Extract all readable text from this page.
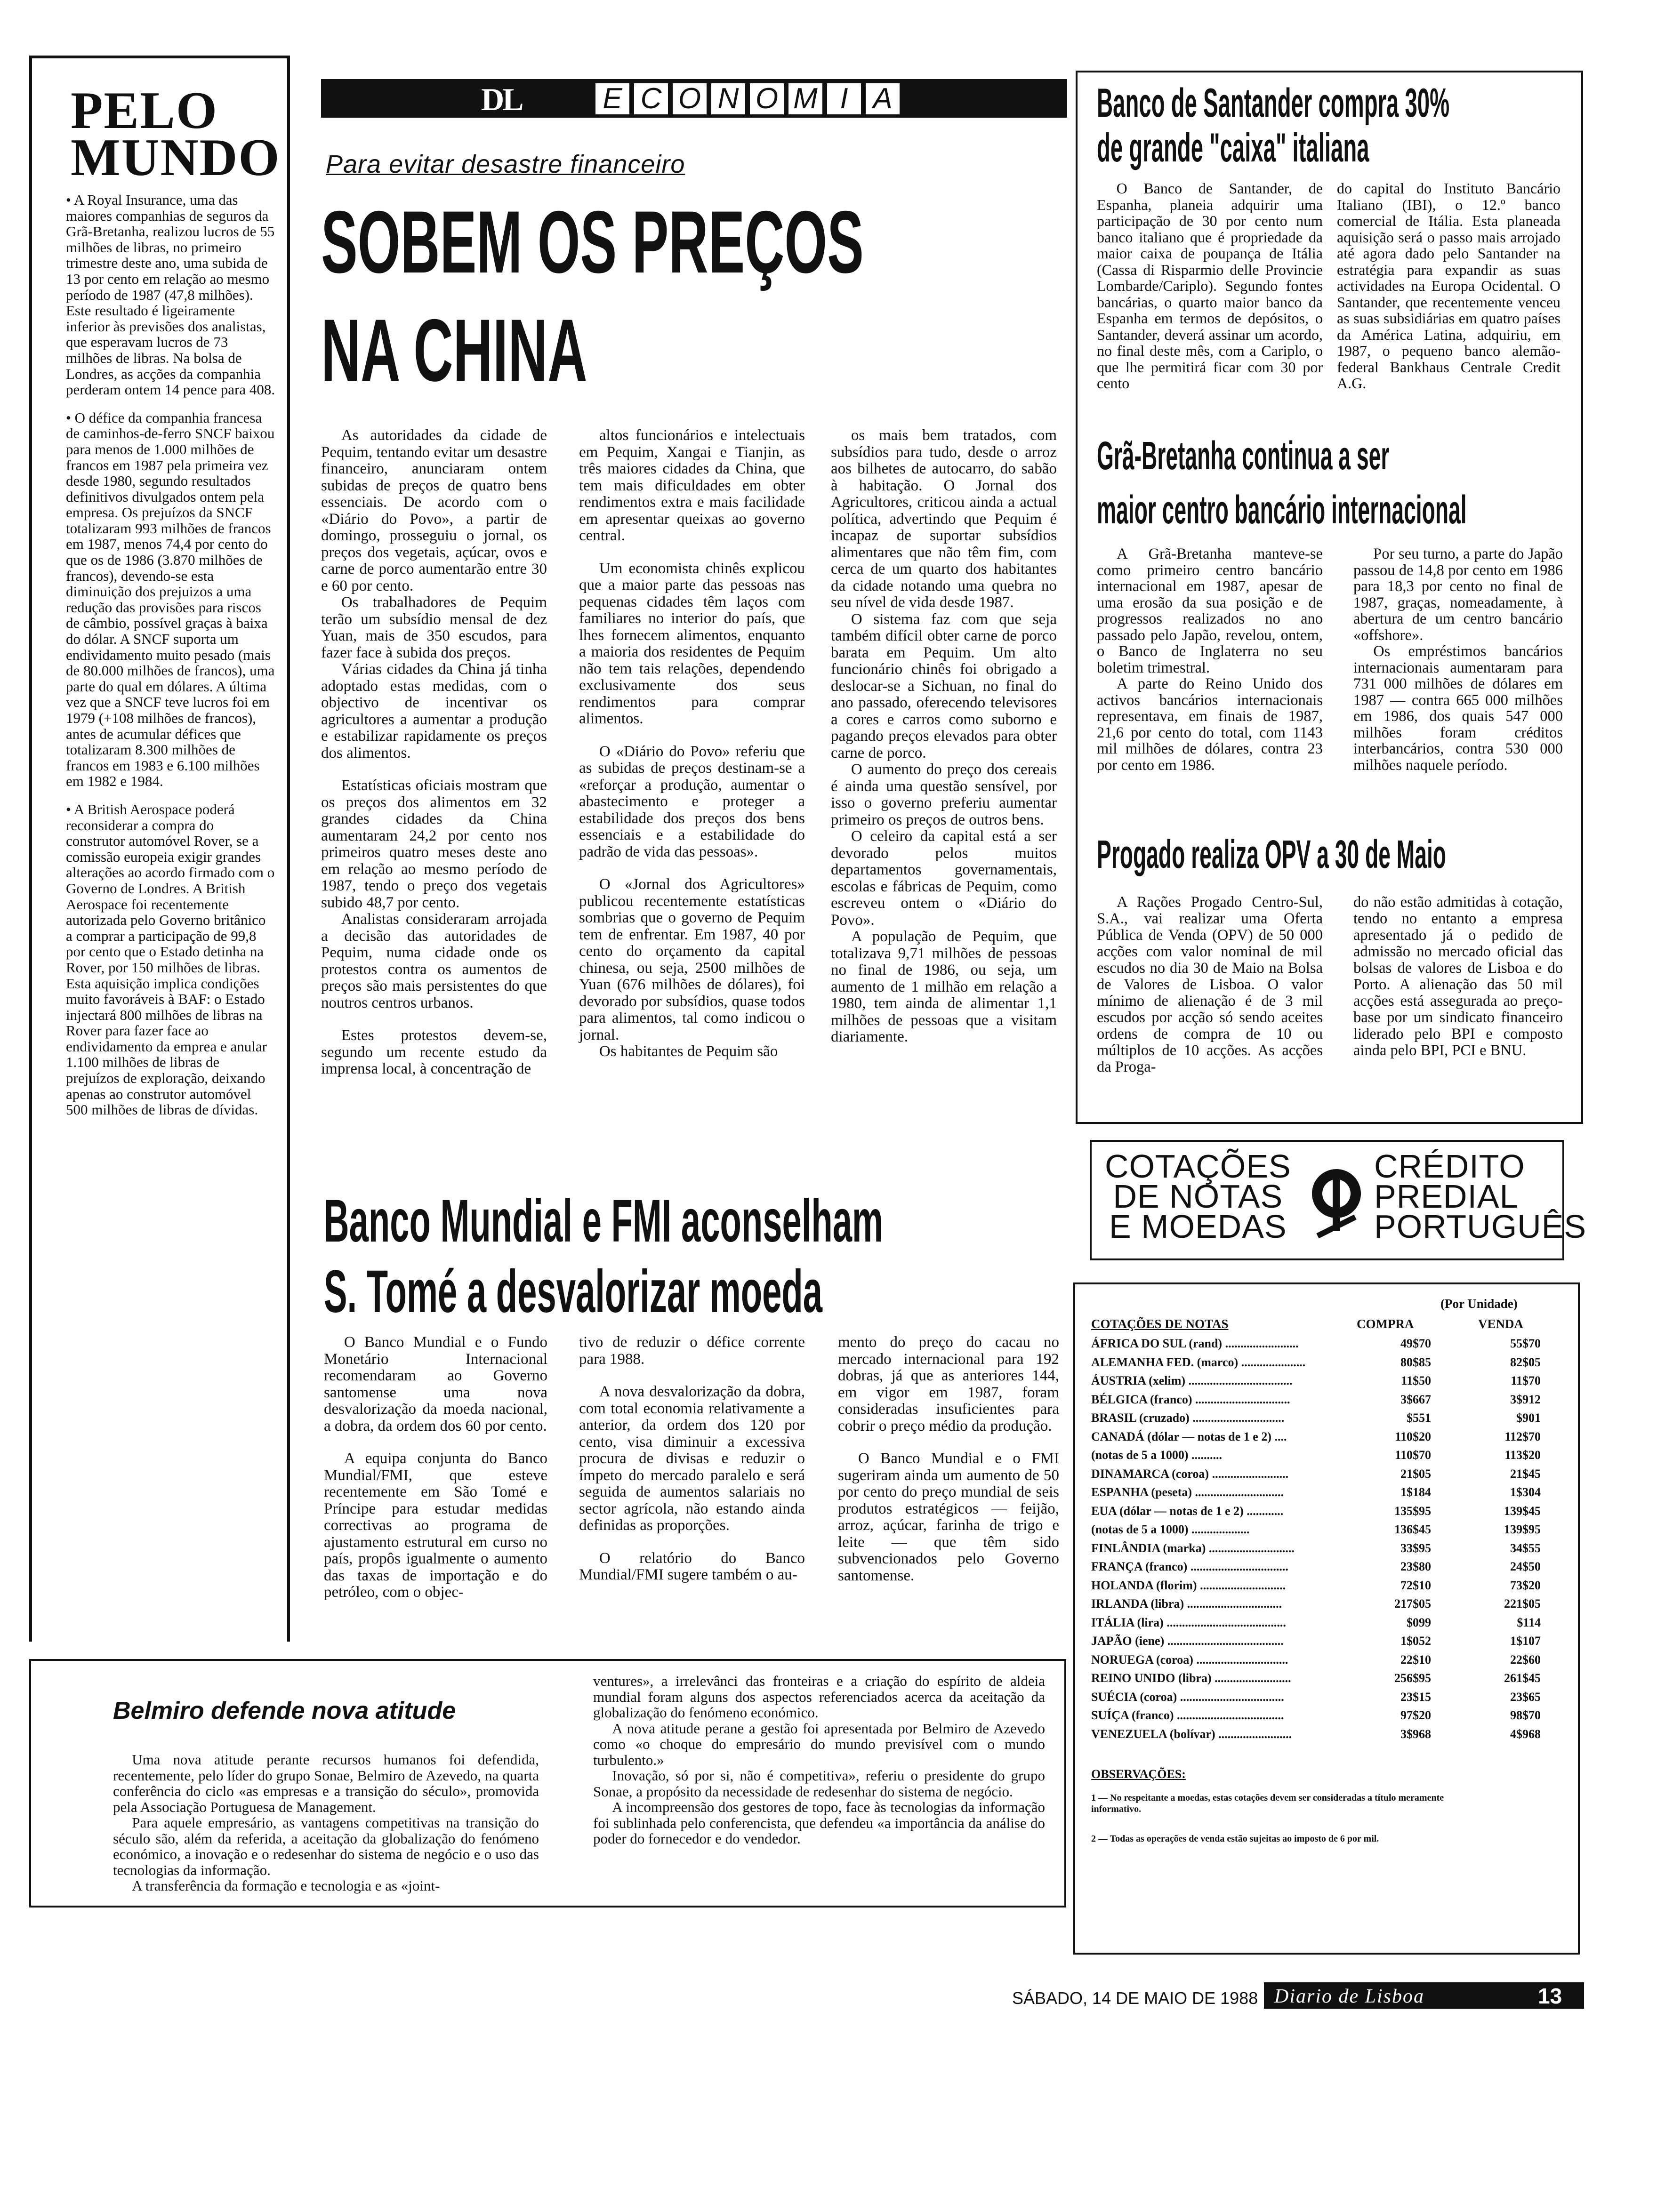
PELO
MUNDO

• A Royal Insurance, uma das maiores companhias de seguros da Grã-Bretanha, realizou lucros de 55 milhões de libras, no primeiro trimestre deste ano, uma subida de 13 por cento em relação ao mesmo período de 1987 (47,8 milhões). Este resultado é ligeiramente inferior às previsões dos analistas, que esperavam lucros de 73 milhões de libras. Na bolsa de Londres, as acções da companhia perderam ontem 14 pence para 408.

• O défice da companhia francesa de caminhos-de-ferro SNCF baixou para menos de 1.000 milhões de francos em 1987 pela primeira vez desde 1980, segundo resultados definitivos divulgados ontem pela empresa. Os prejuízos da SNCF totalizaram 993 milhões de francos em 1987, menos 74,4 por cento do que os de 1986 (3.870 milhões de francos), devendo-se esta diminuição dos prejuizos a uma redução das provisões para riscos de câmbio, possível graças à baixa do dólar. A SNCF suporta um endividamento muito pesado (mais de 80.000 milhões de francos), uma parte do qual em dólares. A última vez que a SNCF teve lucros foi em 1979 (+108 milhões de francos), antes de acumular défices que totalizaram 8.300 milhões de francos em 1983 e 6.100 milhões em 1982 e 1984.

• A British Aerospace poderá reconsiderar a compra do construtor automóvel Rover, se a comissão europeia exigir grandes alterações ao acordo firmado com o Governo de Londres. A British Aerospace foi recentemente autorizada pelo Governo britânico a comprar a participação de 99,8 por cento que o Estado detinha na Rover, por 150 milhões de libras. Esta aquisição implica condições muito favoráveis à BAF: o Estado injectará 800 milhões de libras na Rover para fazer face ao endividamento da emprea e anular 1.100 milhões de libras de prejuízos de exploração, deixando apenas ao construtor automóvel 500 milhões de libras de dívidas.

DL	E C O N O M I A
Para evitar desastre financeiro
SOBEM OS PREÇOS
NA CHINA

As autoridades da cidade de Pequim, tentando evitar um desastre financeiro, anunciaram ontem subidas de preços de quatro bens essenciais. De acordo com o «Diário do Povo», a partir de domingo, prosseguiu o jornal, os preços dos vegetais, açúcar, ovos e carne de porco aumentarão entre 30 e 60 por cento.

Os trabalhadores de Pequim terão um subsídio mensal de dez Yuan, mais de 350 escudos, para fazer face à subida dos preços.

Várias cidades da China já tinha adoptado estas medidas, com o objectivo de incentivar os agricultores a aumentar a produção e estabilizar rapidamente os preços dos alimentos.

Estatísticas oficiais mostram que os preços dos alimentos em 32 grandes cidades da China aumentaram 24,2 por cento nos primeiros quatro meses deste ano em relação ao mesmo período de 1987, tendo o preço dos vegetais subido 48,7 por cento.

Analistas consideraram arrojada a decisão das autoridades de Pequim, numa cidade onde os protestos contra os aumentos de preços são mais persistentes do que noutros centros urbanos.

Estes protestos devem-se, segundo um recente estudo da imprensa local, à concentração de

altos funcionários e intelectuais em Pequim, Xangai e Tianjin, as três maiores cidades da China, que tem mais dificuldades em obter rendimentos extra e mais facilidade em apresentar queixas ao governo central.

Um economista chinês explicou que a maior parte das pessoas nas pequenas cidades têm laços com familiares no interior do país, que lhes fornecem alimentos, enquanto a maioria dos residentes de Pequim não tem tais relações, dependendo exclusivamente dos seus rendimentos para comprar alimentos.

O «Diário do Povo» referiu que as subidas de preços destinam-se a «reforçar a produção, aumentar o abastecimento e proteger a estabilidade dos preços dos bens essenciais e a estabilidade do padrão de vida das pessoas».

O «Jornal dos Agricultores» publicou recentemente estatísticas sombrias que o governo de Pequim tem de enfrentar. Em 1987, 40 por cento do orçamento da capital chinesa, ou seja, 2500 milhões de Yuan (676 milhões de dólares), foi devorado por subsídios, quase todos para alimentos, tal como indicou o jornal.

Os habitantes de Pequim são

os mais bem tratados, com subsídios para tudo, desde o arroz aos bilhetes de autocarro, do sabão à habitação. O Jornal dos Agricultores, criticou ainda a actual política, advertindo que Pequim é incapaz de suportar subsídios alimentares que não têm fim, com cerca de um quarto dos habitantes da cidade notando uma quebra no seu nível de vida desde 1987.

O sistema faz com que seja também difícil obter carne de porco barata em Pequim. Um alto funcionário chinês foi obrigado a deslocar-se a Sichuan, no final do ano passado, oferecendo televisores a cores e carros como suborno e pagando preços elevados para obter carne de porco.

O aumento do preço dos cereais é ainda uma questão sensível, por isso o governo preferiu aumentar primeiro os preços de outros bens.

O celeiro da capital está a ser devorado pelos muitos departamentos governamentais, escolas e fábricas de Pequim, como escreveu ontem o «Diário do Povo».

A população de Pequim, que totalizava 9,71 milhões de pessoas no final de 1986, ou seja, um aumento de 1 milhão em relação a 1980, tem ainda de alimentar 1,1 milhões de pessoas que a visitam diariamente.

Banco de Santander compra 30%
de grande "caixa" italiana

O Banco de Santander, de Espanha, planeia adquirir uma participação de 30 por cento num banco italiano que é propriedade da maior caixa de poupança de Itália (Cassa di Risparmio delle Provincie Lombarde/Cariplo). Segundo fontes bancárias, o quarto maior banco da Espanha em termos de depósitos, o Santander, deverá assinar um acordo, no final deste mês, com a Cariplo, o que lhe permitirá ficar com 30 por cento

do capital do Instituto Bancário Italiano (IBI), o 12.º banco comercial de Itália. Esta planeada aquisição será o passo mais arrojado até agora dado pelo Santander na estratégia para expandir as suas actividades na Europa Ocidental. O Santander, que recentemente venceu as suas subsidiárias em quatro países da América Latina, adquiriu, em 1987, o pequeno banco alemão-federal Bankhaus Centrale Credit A.G.

Grã-Bretanha continua a ser
maior centro bancário internacional

A Grã-Bretanha manteve-se como primeiro centro bancário internacional em 1987, apesar de uma erosão da sua posição e de progressos realizados no ano passado pelo Japão, revelou, ontem, o Banco de Inglaterra no seu boletim trimestral.

A parte do Reino Unido dos activos bancários internacionais representava, em finais de 1987, 21,6 por cento do total, com 1143 mil milhões de dólares, contra 23 por cento em 1986.

Por seu turno, a parte do Japão passou de 14,8 por cento em 1986 para 18,3 por cento no final de 1987, graças, nomeadamente, à abertura de um centro bancário «offshore».

Os empréstimos bancários internacionais aumentaram para 731 000 milhões de dólares em 1987 — contra 665 000 milhões em 1986, dos quais 547 000 milhões foram créditos interbancários, contra 530 000 milhões naquele período.

Progado realiza OPV a 30 de Maio

A Rações Progado Centro-Sul, S.A., vai realizar uma Oferta Pública de Venda (OPV) de 50 000 acções com valor nominal de mil escudos no dia 30 de Maio na Bolsa de Valores de Lisboa. O valor mínimo de alienação é de 3 mil escudos por acção só sendo aceites ordens de compra de 10 ou múltiplos de 10 acções. As acções da Proga-

do não estão admitidas à cotação, tendo no entanto a empresa apresentado já o pedido de admissão no mercado oficial das bolsas de valores de Lisboa e do Porto. A alienação das 50 mil acções está assegurada ao preço-base por um sindicato financeiro liderado pelo BPI e composto ainda pelo BPI, PCI e BNU.

Banco Mundial e FMI aconselham
S. Tomé a desvalorizar moeda

O Banco Mundial e o Fundo Monetário Internacional recomendaram ao Governo santomense uma nova desvalorização da moeda nacional, a dobra, da ordem dos 60 por cento.

A equipa conjunta do Banco Mundial/FMI, que esteve recentemente em São Tomé e Príncipe para estudar medidas correctivas ao programa de ajustamento estrutural em curso no país, propôs igualmente o aumento das taxas de importação e do petróleo, com o objec-

tivo de reduzir o défice corrente para 1988.

A nova desvalorização da dobra, com total economia relativamente a anterior, da ordem dos 120 por cento, visa diminuir a excessiva procura de divisas e reduzir o ímpeto do mercado paralelo e será seguida de aumentos salariais no sector agrícola, não estando ainda definidas as proporções.

O relatório do Banco Mundial/FMI sugere também o au-

mento do preço do cacau no mercado internacional para 192 dobras, já que as anteriores 144, em vigor em 1987, foram consideradas insuficientes para cobrir o preço médio da produção.

O Banco Mundial e o FMI sugeriram ainda um aumento de 50 por cento do preço mundial de seis produtos estratégicos — feijão, arroz, açúcar, farinha de trigo e leite — que têm sido subvencionados pelo Governo santomense.

Belmiro defende nova atitude

Uma nova atitude perante recursos humanos foi defendida, recentemente, pelo líder do grupo Sonae, Belmiro de Azevedo, na quarta conferência do ciclo «as empresas e a transição do século», promovida pela Associação Portuguesa de Management.

Para aquele empresário, as vantagens competitivas na transição do século são, além da referida, a aceitação da globalização do fenómeno económico, a inovação e o redesenhar do sistema de negócio e o uso das tecnologias da informação.

A transferência da formação e tecnologia e as «joint-

ventures», a irrelevânci das fronteiras e a criação do espírito de aldeia mundial foram alguns dos aspectos referenciados acerca da aceitação da globalização do fenómeno económico.

A nova atitude perane a gestão foi apresentada por Belmiro de Azevedo como «o choque do empresário do mundo previsível com o mundo turbulento.»

Inovação, só por si, não é competitiva», referiu o presidente do grupo Sonae, a propósito da necessidade de redesenhar do sistema de negócio.

A incompreensão dos gestores de topo, face às tecnologias da informação foi sublinhada pelo conferencista, que defendeu «a importância da análise do poder do fornecedor e do vendedor.

COTAÇÕES
DE NOTAS
E MOEDAS
CRÉDITO
PREDIAL
PORTUGUÊS
(Por Unidade)
COTAÇÕES DE NOTAS	COMPRA	VENDA
ÁFRICA DO SUL (rand) ........................	49$70	55$70
ALEMANHA FED. (marco) .....................	80$85	82$05
ÁUSTRIA (xelim) ..................................	11$50	11$70
BÉLGICA (franco) ...............................	3$667	3$912
BRASIL (cruzado) ..............................	$551	$901
CANADÁ (dólar — notas de 1 e 2) ....	110$20	112$70
(notas de 5 a 1000) ..........	110$70	113$20
DINAMARCA (coroa) .........................	21$05	21$45
ESPANHA (peseta) .............................	1$184	1$304
EUA (dólar — notas de 1 e 2) ............	135$95	139$45
(notas de 5 a 1000) ...................	136$45	139$95
FINLÂNDIA (marka) ............................	33$95	34$55
FRANÇA (franco) ................................	23$80	24$50
HOLANDA (florim) ............................	72$10	73$20
IRLANDA (libra) ...............................	217$05	221$05
ITÁLIA (lira) .......................................	$099	$114
JAPÃO (iene) ......................................	1$052	1$107
NORUEGA (coroa) ..............................	22$10	22$60
REINO UNIDO (libra) .........................	256$95	261$45
SUÉCIA (coroa) ..................................	23$15	23$65
SUÍÇA (franco) ...................................	97$20	98$70
VENEZUELA (bolívar) ........................	3$968	4$968
OBSERVAÇÕES:
1 — No respeitante a moedas, estas cotações devem ser consideradas a título meramente informativo.
2 — Todas as operações de venda estão sujeitas ao imposto de 6 por mil.
SÁBADO, 14 DE MAIO DE 1988 Diario de Lisboa	13
